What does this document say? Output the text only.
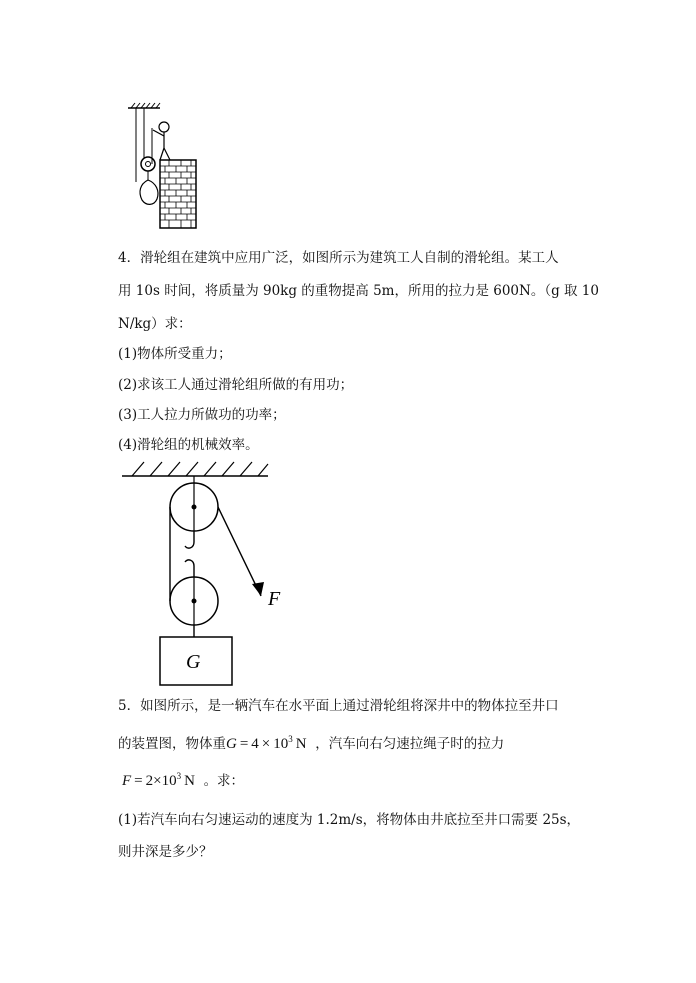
4．滑轮组在建筑中应用广泛，如图所示为建筑工人自制的滑轮组。某工人
用 10s 时间，将质量为 90kg 的重物提高 5m，所用的拉力是 600N。（g 取 10
N/kg）求：
(1)物体所受重力；
(2)求该工人通过滑轮组所做的有用功；
(3)工人拉力所做功的功率；
(4)滑轮组的机械效率。
F
G
5．如图所示，是一辆汽车在水平面上通过滑轮组将深井中的物体拉至井口
的装置图，物体重$G = 4 \times 10^3$  N ，汽车向右匀速拉绳子时的拉力
$F = 2\times 10^3$  N 。求：
(1)若汽车向右匀速运动的速度为 1.2m/s，将物体由井底拉至井口需要 25s，
则井深是多少？
